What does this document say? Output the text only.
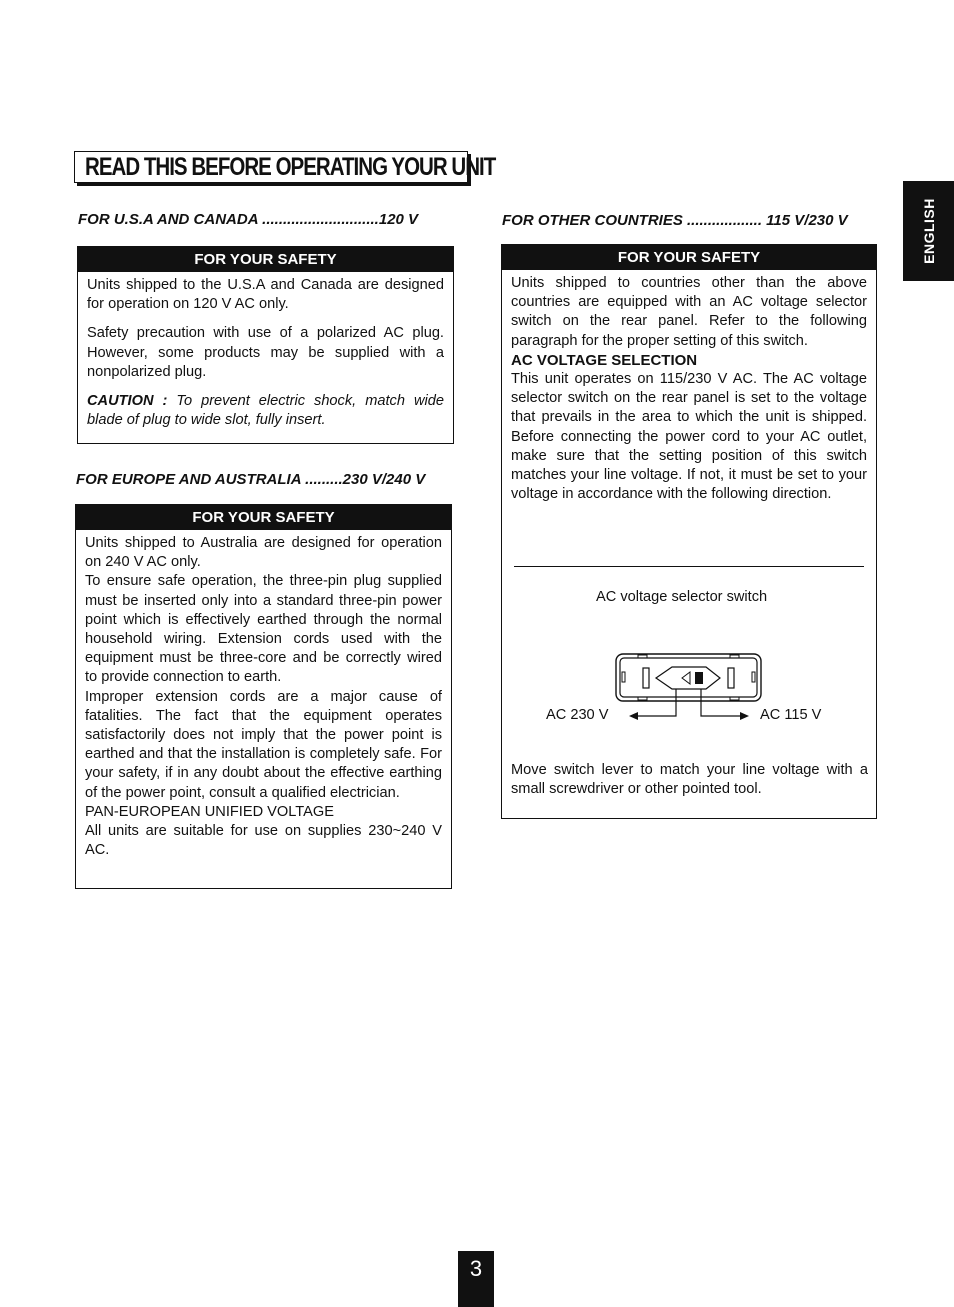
READ THIS BEFORE OPERATING YOUR UNIT
ENGLISH
FOR U.S.A AND CANADA ............................120 V
FOR YOUR SAFETY

Units shipped to the U.S.A and Canada are designed for operation on 120 V AC only.

Safety precaution with use of a polarized AC plug. However, some products may be supplied with a nonpolarized plug.

CAUTION : To prevent electric shock, match wide blade of plug to wide slot, fully insert.

FOR EUROPE AND AUSTRALIA .........230 V/240 V
FOR YOUR SAFETY

Units shipped to Australia are designed for operation on 240 V AC only.

To ensure safe operation, the three-pin plug supplied must be inserted only into a standard three-pin power point which is effectively earthed through the normal household wiring. Extension cords used with the equipment must be three-core and be correctly wired to provide connection to earth.

Improper extension cords are a major cause of fatalities. The fact that the equipment operates satisfactorily does not imply that the power point is earthed and that the installation is completely safe. For your safety, if in any doubt about the effective earthing of the power point, consult a qualified electrician.

PAN-EUROPEAN UNIFIED VOLTAGE

All units are suitable for use on supplies 230~240 V AC.

FOR OTHER COUNTRIES .................. 115 V/230 V
FOR YOUR SAFETY

Units shipped to countries other than the above countries are equipped with an AC voltage selector switch on the rear panel. Refer to the following paragraph for the proper setting of this switch.

AC VOLTAGE SELECTION

This unit operates on 115/230 V AC. The AC voltage selector switch on the rear panel is set to the voltage that prevails in the area to which the unit is shipped. Before connecting the power cord to your AC outlet, make sure that the setting position of this switch matches your line voltage. If not, it must be set to your voltage in accordance with the following direction.

AC voltage selector switch
AC 230 V	AC 115 V
Move switch lever to match your line voltage with a small screwdriver or other pointed tool.
3
